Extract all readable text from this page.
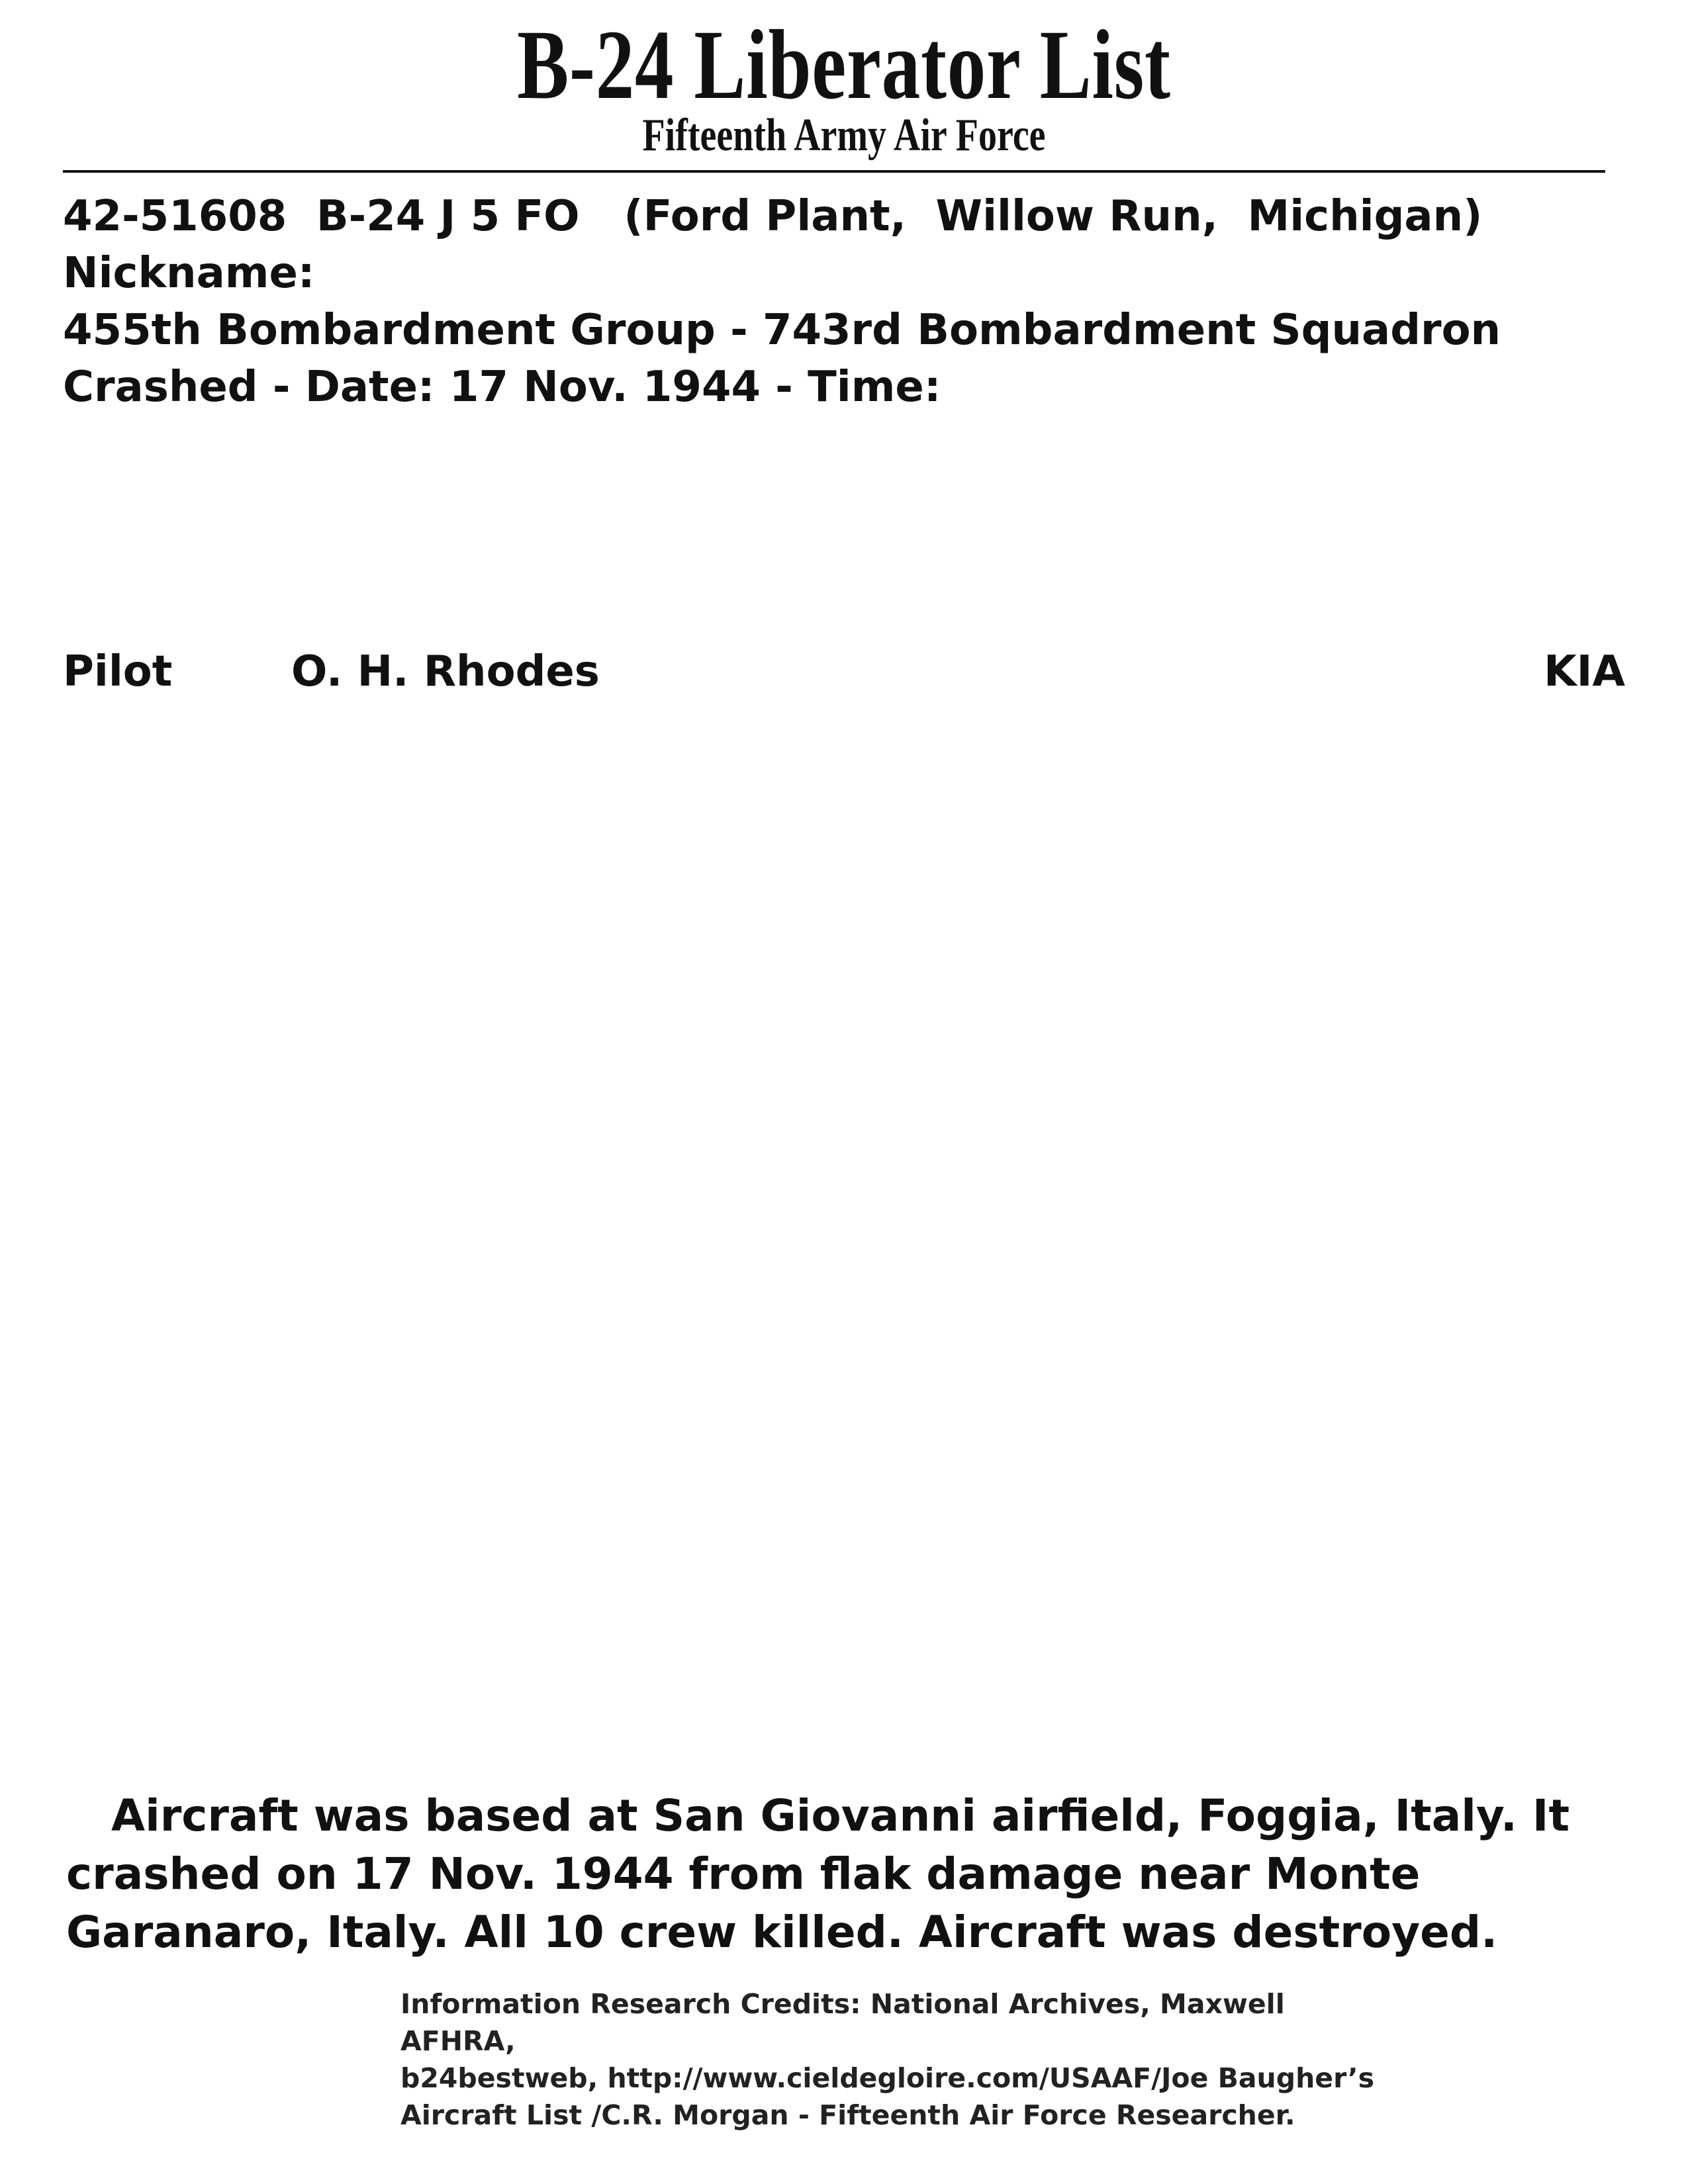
B-24 Liberator List
Fifteenth Army Air Force
42-51608  B-24 J 5 FO   (Ford Plant,  Willow Run,  Michigan)
Nickname:
455th Bombardment Group - 743rd Bombardment Squadron
Crashed - Date: 17 Nov. 1944 - Time:
Pilot	O. H. Rhodes	KIA
Aircraft was based at San Giovanni airfield, Foggia, Italy. It crashed on 17 Nov. 1944 from flak damage near Monte Garanaro, Italy. All 10 crew killed. Aircraft was destroyed.
Information Research Credits: National Archives, Maxwell AFHRA,
b24bestweb, http://www.cieldegloire.com/USAAF/Joe Baugher’s
Aircraft List /C.R. Morgan - Fifteenth Air Force Researcher.
